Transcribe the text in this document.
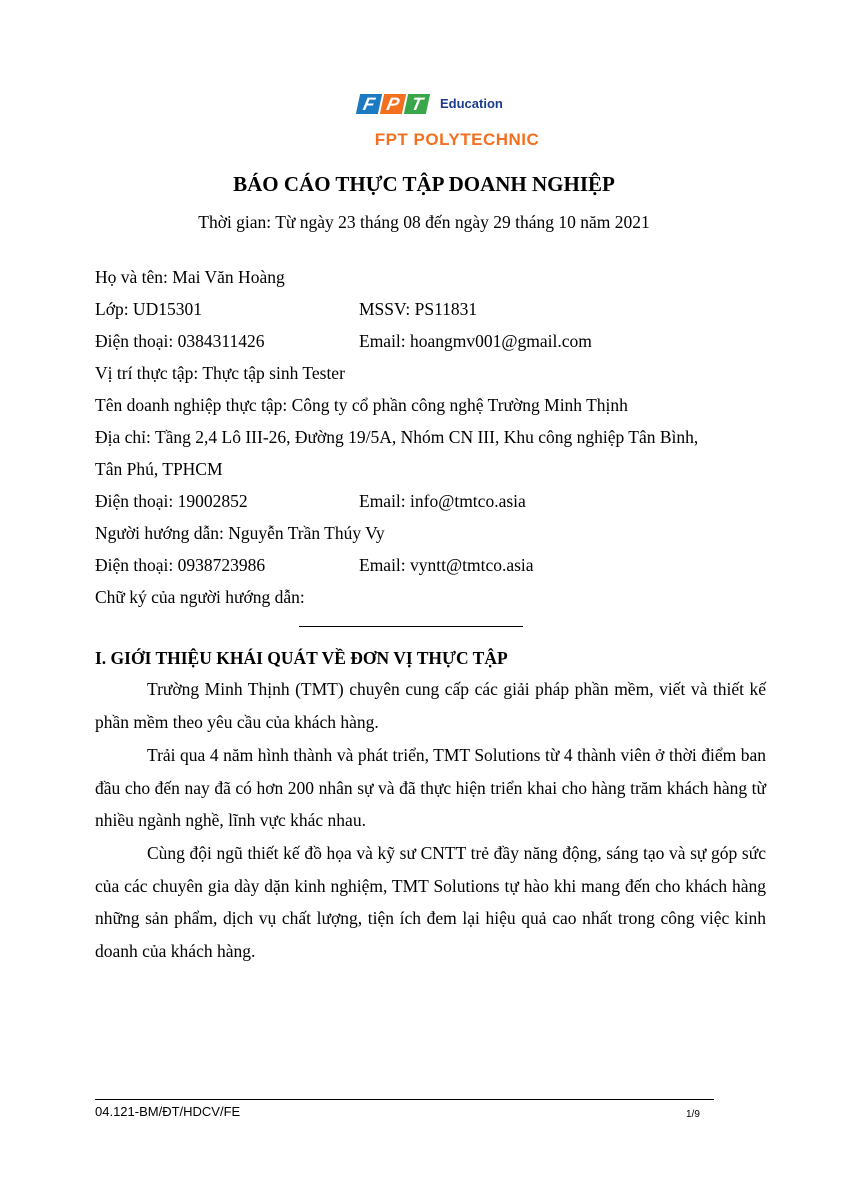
F P T	Education
FPT POLYTECHNIC
BÁO CÁO THỰC TẬP DOANH NGHIỆP
Thời gian: Từ ngày 23 tháng 08 đến ngày 29 tháng 10 năm 2021
Họ và tên: Mai Văn Hoàng
Lớp: UD15301	MSSV: PS11831
Điện thoại: 0384311426	Email: hoangmv001@gmail.com
Vị trí thực tập: Thực tập sinh Tester
Tên doanh nghiệp thực tập: Công ty cổ phần công nghệ Trường Minh Thịnh
Địa chỉ: Tầng 2,4 Lô III-26, Đường 19/5A, Nhóm CN III, Khu công nghiệp Tân Bình,
Tân Phú, TPHCM
Điện thoại: 19002852	Email: info@tmtco.asia
Người hướng dẫn: Nguyễn Trần Thúy Vy
Điện thoại: 0938723986	Email: vyntt@tmtco.asia
Chữ ký của người hướng dẫn:
I. GIỚI THIỆU KHÁI QUÁT VỀ ĐƠN VỊ THỰC TẬP

Trường Minh Thịnh (TMT) chuyên cung cấp các giải pháp phần mềm, viết và thiết kế phần mềm theo yêu cầu của khách hàng.

Trải qua 4 năm hình thành và phát triển, TMT Solutions từ 4 thành viên ở thời điểm ban đầu cho đến nay đã có hơn 200 nhân sự và đã thực hiện triển khai cho hàng trăm khách hàng từ nhiều ngành nghề, lĩnh vực khác nhau.

Cùng đội ngũ thiết kế đồ họa và kỹ sư CNTT trẻ đầy năng động, sáng tạo và sự góp sức của các chuyên gia dày dặn kinh nghiệm, TMT Solutions tự hào khi mang đến cho khách hàng những sản phẩm, dịch vụ chất lượng, tiện ích đem lại hiệu quả cao nhất trong công việc kinh doanh của khách hàng.

04.121-BM/ĐT/HDCV/FE	1/9
